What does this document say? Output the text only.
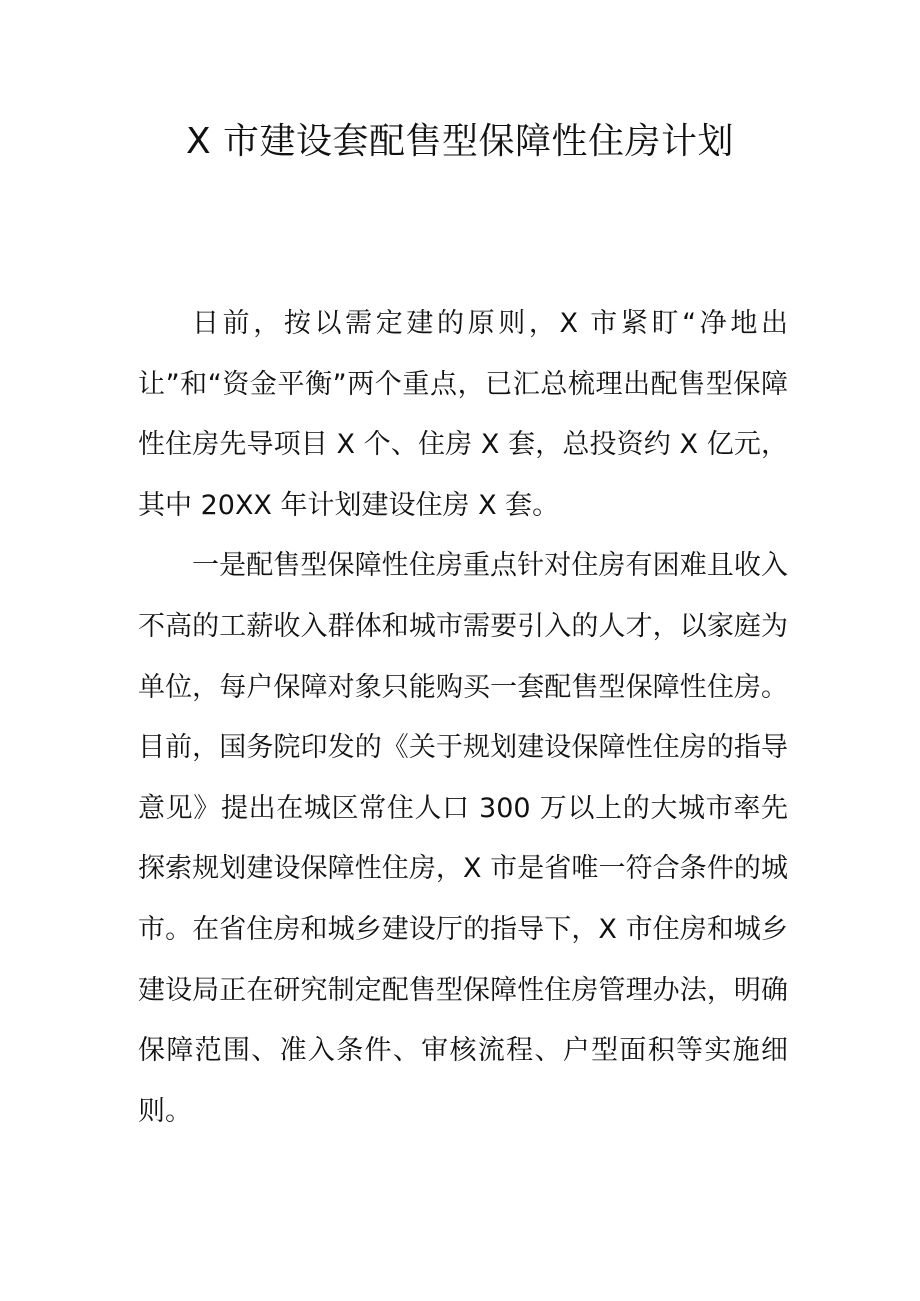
X 市建设套配售型保障性住房计划

日前，按以需定建的原则，X 市紧盯“净地出让”和“资金平衡”两个重点，已汇总梳理出配售型保障性住房先导项目 X 个、住房 X 套，总投资约 X 亿元，其中 20XX 年计划建设住房 X 套。

一是配售型保障性住房重点针对住房有困难且收入不高的工薪收入群体和城市需要引入的人才，以家庭为单位，每户保障对象只能购买一套配售型保障性住房。目前，国务院印发的《关于规划建设保障性住房的指导意见》提出在城区常住人口 300 万以上的大城市率先探索规划建设保障性住房，X 市是省唯一符合条件的城市。在省住房和城乡建设厅的指导下，X 市住房和城乡建设局正在研究制定配售型保障性住房管理办法，明确保障范围、准入条件、审核流程、户型面积等实施细则。
